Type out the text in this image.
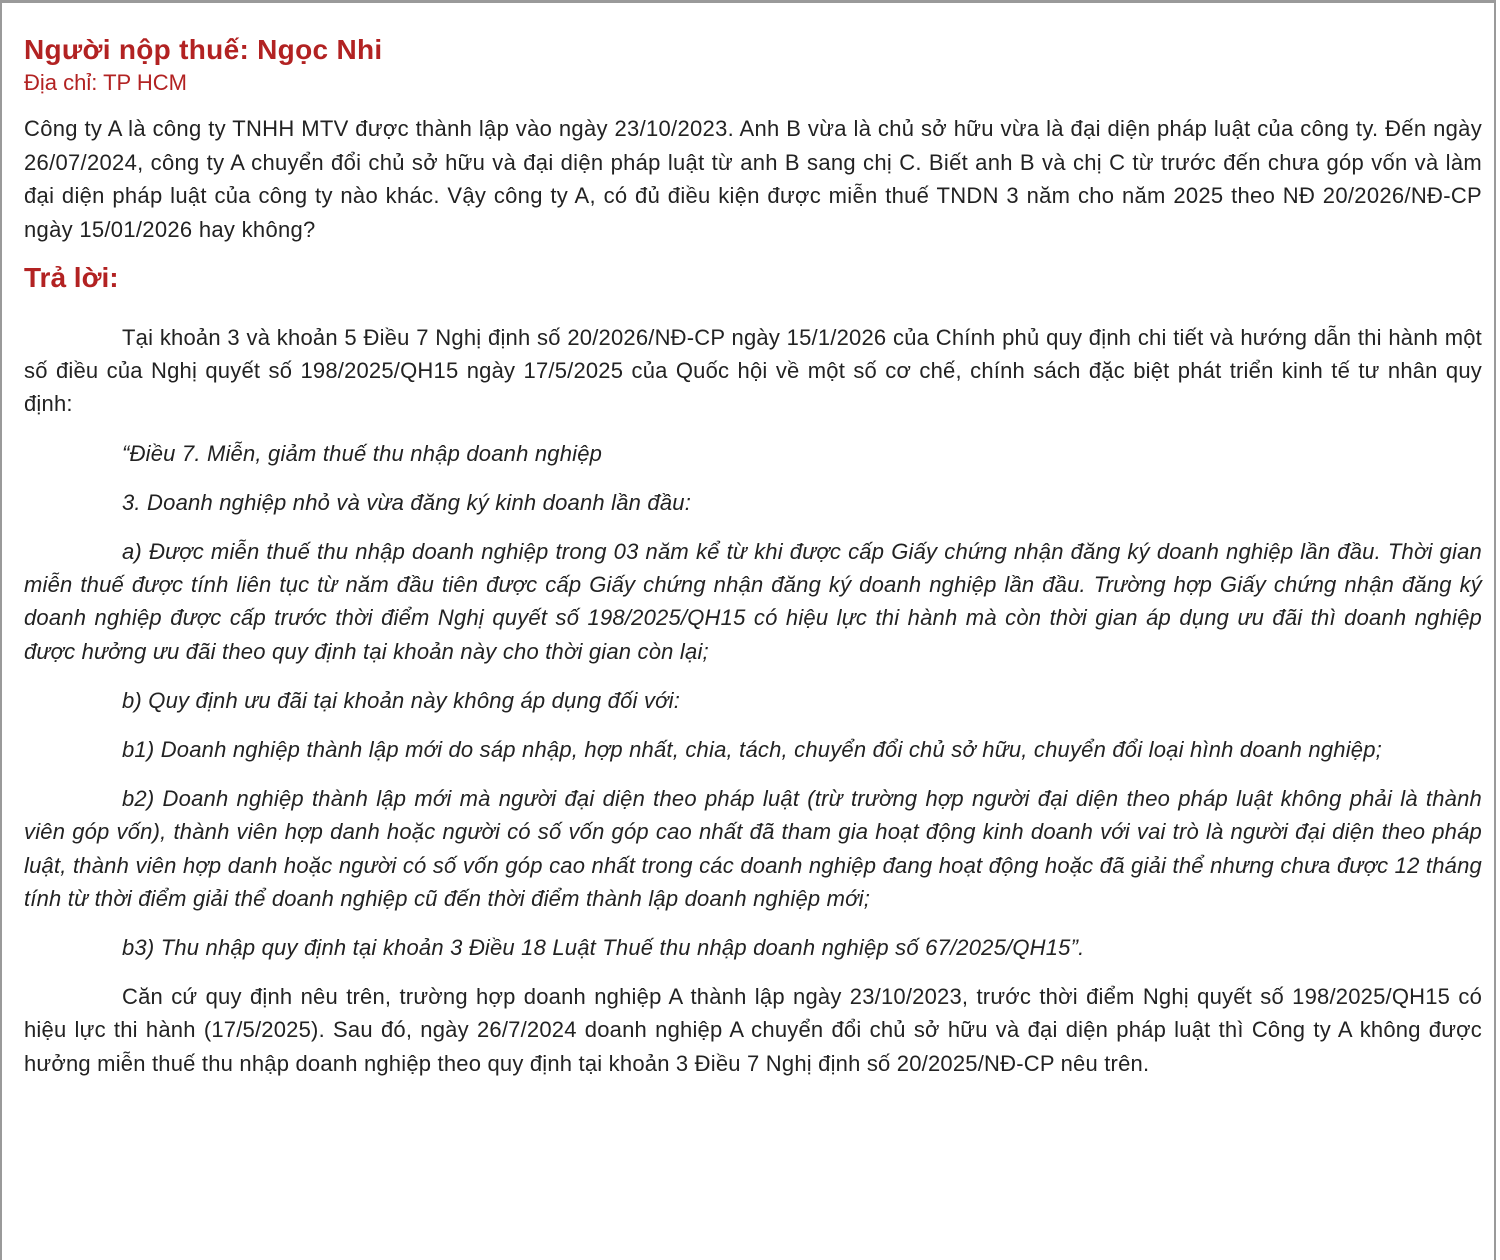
Người nộp thuế: Ngọc Nhi

Địa chỉ: TP HCM

Công ty A là công ty TNHH MTV được thành lập vào ngày 23/10/2023. Anh B vừa là chủ sở hữu vừa là đại diện pháp luật của công ty. Đến ngày 26/07/2024, công ty A chuyển đổi chủ sở hữu và đại diện pháp luật từ anh B sang chị C. Biết anh B và chị C từ trước đến chưa góp vốn và làm đại diện pháp luật của công ty nào khác. Vậy công ty A, có đủ điều kiện được miễn thuế TNDN 3 năm cho năm 2025 theo NĐ 20/2026/NĐ-CP ngày 15/01/2026 hay không?

Trả lời:

Tại khoản 3 và khoản 5 Điều 7 Nghị định số 20/2026/NĐ-CP ngày 15/1/2026 của Chính phủ quy định chi tiết và hướng dẫn thi hành một số điều của Nghị quyết số 198/2025/QH15 ngày 17/5/2025 của Quốc hội về một số cơ chế, chính sách đặc biệt phát triển kinh tế tư nhân quy định:

“Điều 7. Miễn, giảm thuế thu nhập doanh nghiệp

3. Doanh nghiệp nhỏ và vừa đăng ký kinh doanh lần đầu:

a) Được miễn thuế thu nhập doanh nghiệp trong 03 năm kể từ khi được cấp Giấy chứng nhận đăng ký doanh nghiệp lần đầu. Thời gian miễn thuế được tính liên tục từ năm đầu tiên được cấp Giấy chứng nhận đăng ký doanh nghiệp lần đầu. Trường hợp Giấy chứng nhận đăng ký doanh nghiệp được cấp trước thời điểm Nghị quyết số 198/2025/QH15 có hiệu lực thi hành mà còn thời gian áp dụng ưu đãi thì doanh nghiệp được hưởng ưu đãi theo quy định tại khoản này cho thời gian còn lại;

b) Quy định ưu đãi tại khoản này không áp dụng đối với:

b1) Doanh nghiệp thành lập mới do sáp nhập, hợp nhất, chia, tách, chuyển đổi chủ sở hữu, chuyển đổi loại hình doanh nghiệp;

b2) Doanh nghiệp thành lập mới mà người đại diện theo pháp luật (trừ trường hợp người đại diện theo pháp luật không phải là thành viên góp vốn), thành viên hợp danh hoặc người có số vốn góp cao nhất đã tham gia hoạt động kinh doanh với vai trò là người đại diện theo pháp luật, thành viên hợp danh hoặc người có số vốn góp cao nhất trong các doanh nghiệp đang hoạt động hoặc đã giải thể nhưng chưa được 12 tháng tính từ thời điểm giải thể doanh nghiệp cũ đến thời điểm thành lập doanh nghiệp mới;

b3) Thu nhập quy định tại khoản 3 Điều 18 Luật Thuế thu nhập doanh nghiệp số 67/2025/QH15”.

Căn cứ quy định nêu trên, trường hợp doanh nghiệp A thành lập ngày 23/10/2023, trước thời điểm Nghị quyết số 198/2025/QH15 có hiệu lực thi hành (17/5/2025). Sau đó, ngày 26/7/2024 doanh nghiệp A chuyển đổi chủ sở hữu và đại diện pháp luật thì Công ty A không được hưởng miễn thuế thu nhập doanh nghiệp theo quy định tại khoản 3 Điều 7 Nghị định số 20/2025/NĐ-CP nêu trên.
